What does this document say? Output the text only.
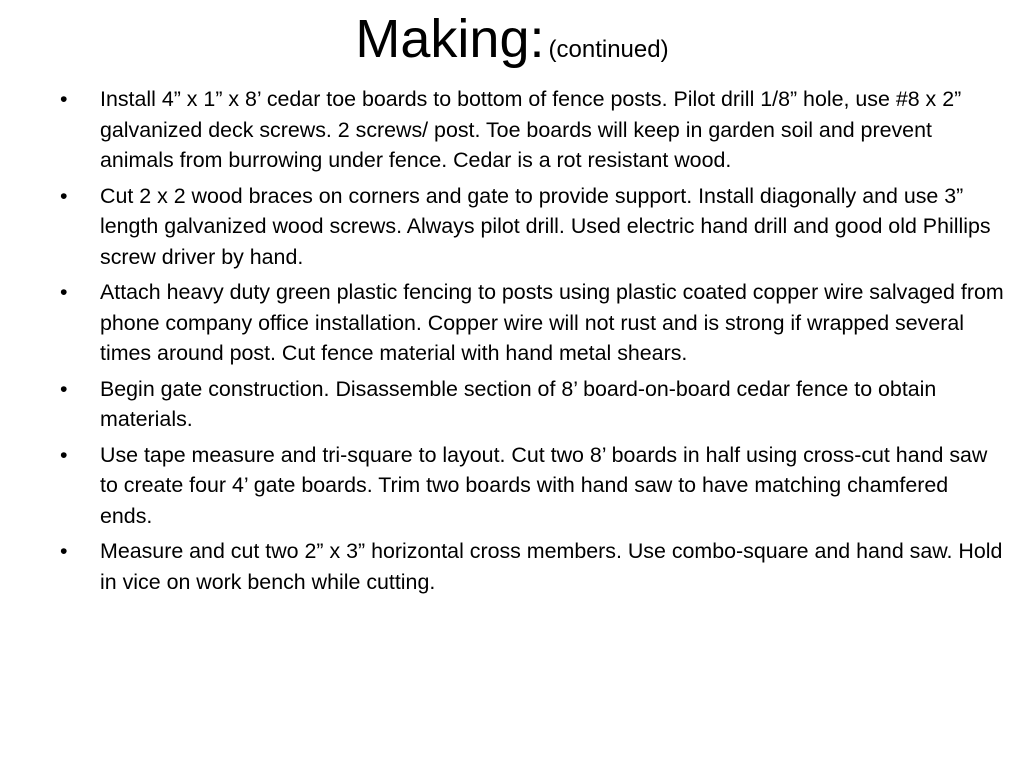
Making: (continued)
•	Install 4” x 1” x 8’ cedar toe boards to bottom of fence posts. Pilot drill 1/8” hole, use #8 x 2” galvanized deck screws. 2 screws/ post. Toe boards will keep in garden soil and prevent animals from burrowing under fence. Cedar is a rot resistant wood.
•	Cut 2 x 2 wood braces on corners and gate to provide support. Install diagonally and use 3” length galvanized wood screws. Always pilot drill. Used electric hand drill and good old Phillips screw driver by hand.
•	Attach heavy duty green plastic fencing to posts using plastic coated copper wire salvaged from phone company office installation. Copper wire will not rust and is strong if wrapped several times around post. Cut fence material with hand metal shears.
•	Begin gate construction. Disassemble section of 8’ board-on-board cedar fence to obtain materials.
•	Use tape measure and tri-square to layout. Cut two 8’ boards in half using cross-cut hand saw to create four 4’ gate boards. Trim two boards with hand saw to have matching chamfered ends.
•	Measure and cut two 2” x 3” horizontal cross members. Use combo-square and hand saw. Hold in vice on work bench while cutting.
